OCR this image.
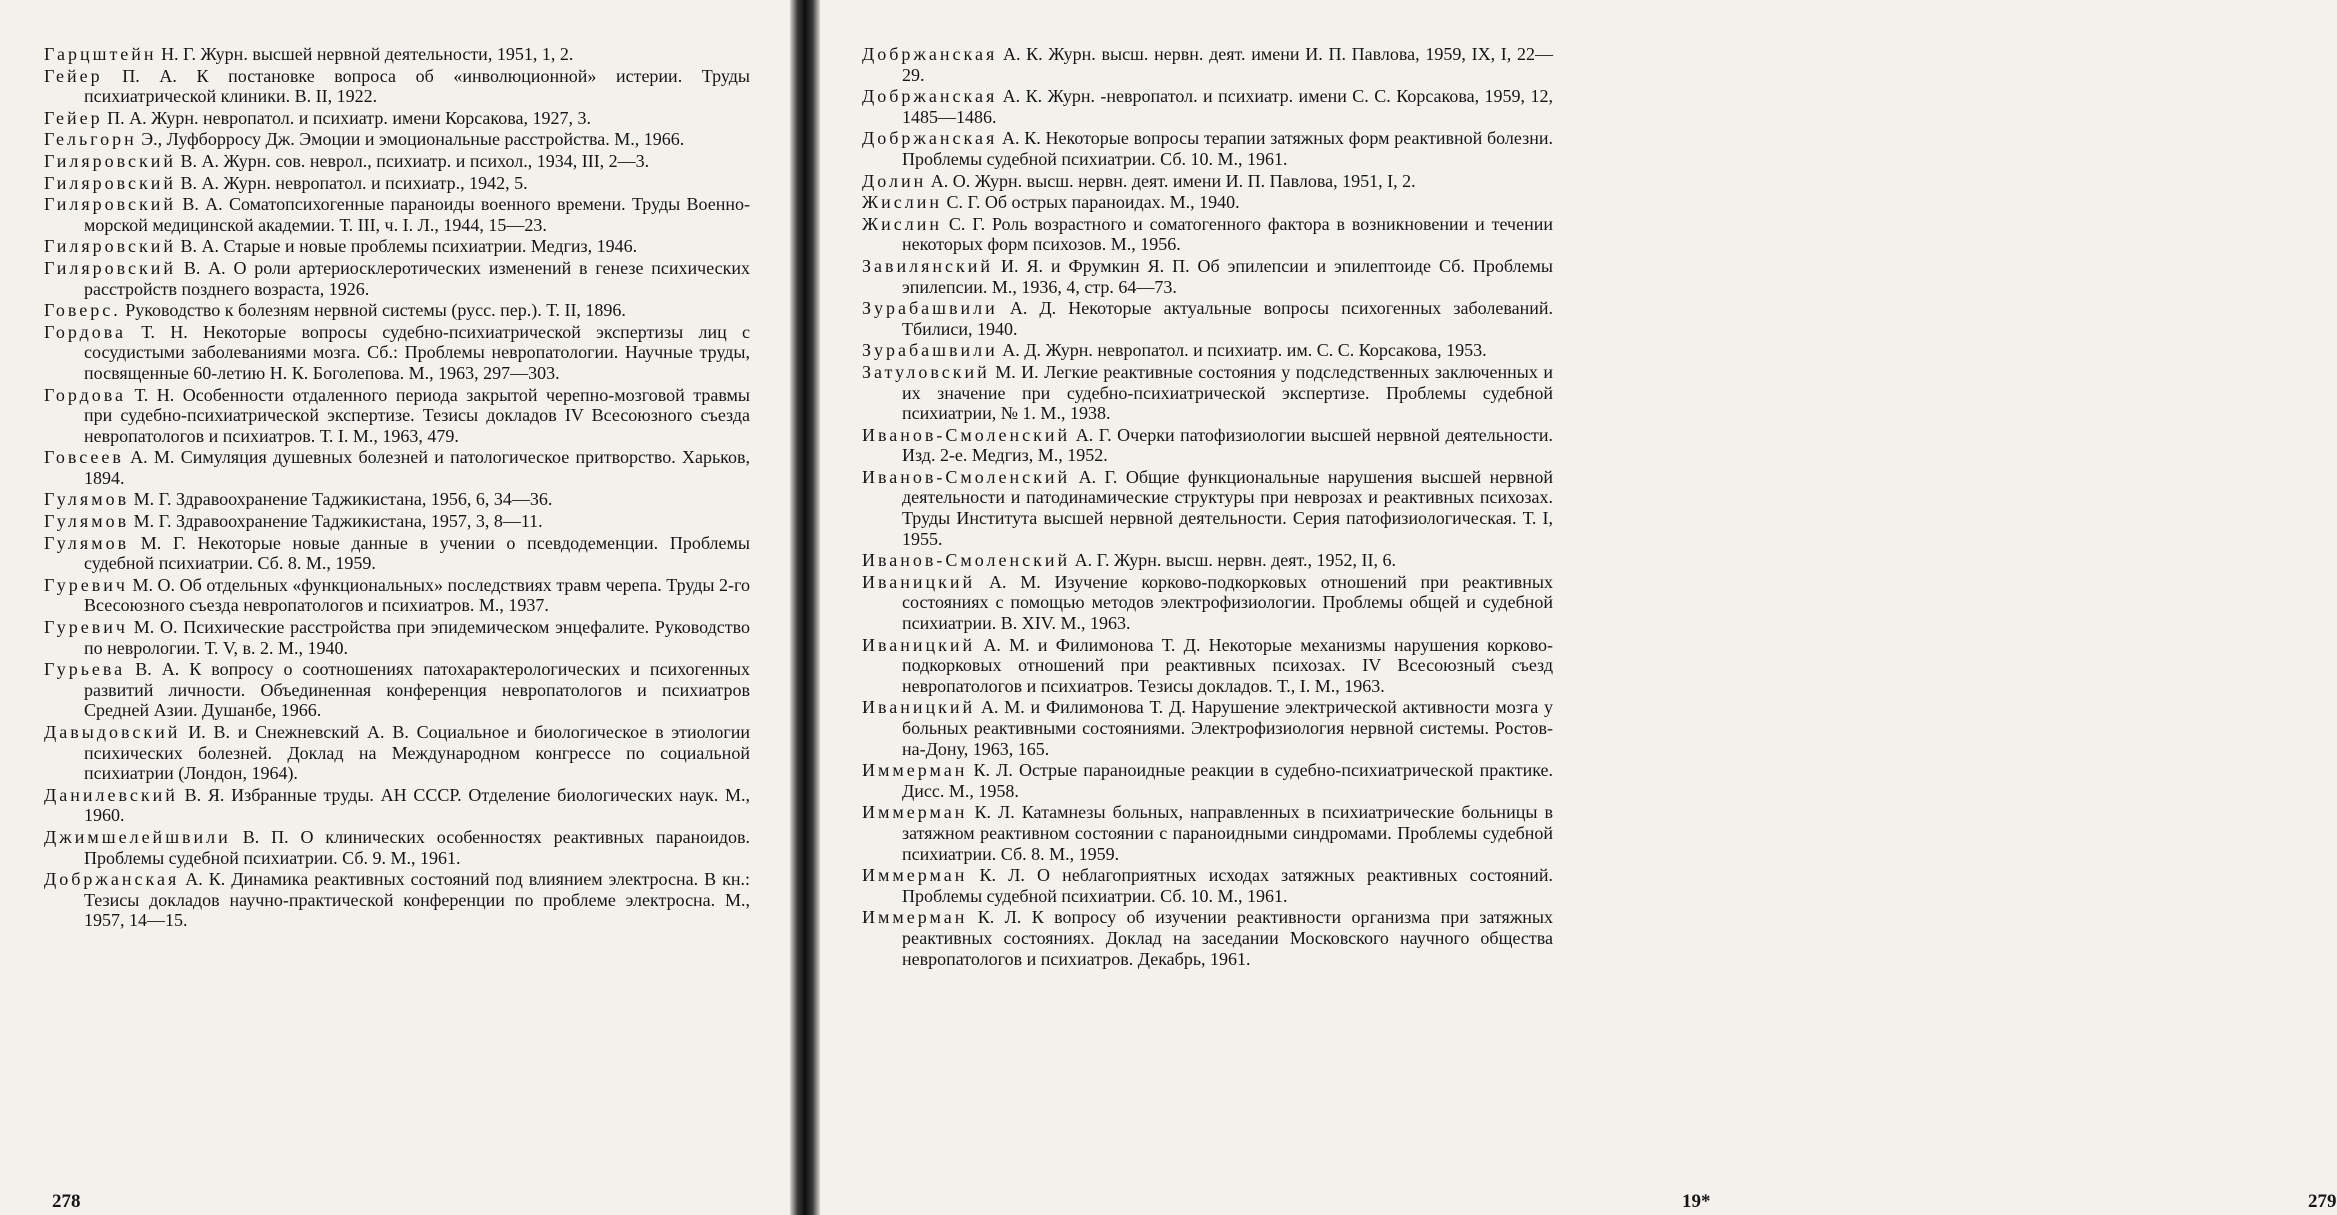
Гарцштейн Н. Г. Журн. высшей нервной деятельности, 1951, 1, 2.

Гейер П. А. К постановке вопроса об «инволюционной» истерии. Труды психиатрической клиники. В. II, 1922.

Гейер П. А. Журн. невропатол. и психиатр. имени Корсакова, 1927, 3.

Гельгорн Э., Луфборросу Дж. Эмоции и эмоциональные расстройства. М., 1966.

Гиляровский В. А. Журн. сов. неврол., психиатр. и психол., 1934, III, 2—3.

Гиляровский В. А. Журн. невропатол. и психиатр., 1942, 5.

Гиляровский В. А. Соматопсихогенные параноиды военного времени. Труды Военно-морской медицинской академии. Т. III, ч. I. Л., 1944, 15—23.

Гиляровский В. А. Старые и новые проблемы психиатрии. Медгиз, 1946.

Гиляровский В. А. О роли артериосклеротических изменений в генезе психических расстройств позднего возраста, 1926.

Говерс. Руководство к болезням нервной системы (русс. пер.). Т. II, 1896.

Гордова Т. Н. Некоторые вопросы судебно-психиатрической экспертизы лиц с сосудистыми заболеваниями мозга. Сб.: Проблемы невропатологии. Научные труды, посвященные 60-летию Н. К. Боголепова. М., 1963, 297—303.

Гордова Т. Н. Особенности отдаленного периода закрытой черепно-мозговой травмы при судебно-психиатрической экспертизе. Тезисы докладов IV Всесоюзного съезда невропатологов и психиатров. Т. I. М., 1963, 479.

Говсеев А. М. Симуляция душевных болезней и патологическое притворство. Харьков, 1894.

Гулямов М. Г. Здравоохранение Таджикистана, 1956, 6, 34—36.

Гулямов М. Г. Здравоохранение Таджикистана, 1957, 3, 8—11.

Гулямов М. Г. Некоторые новые данные в учении о псевдодеменции. Проблемы судебной психиатрии. Сб. 8. М., 1959.

Гуревич М. О. Об отдельных «функциональных» последствиях травм черепа. Труды 2-го Всесоюзного съезда невропатологов и психиатров. М., 1937.

Гуревич М. О. Психические расстройства при эпидемическом энцефалите. Руководство по неврологии. Т. V, в. 2. М., 1940.

Гурьева В. А. К вопросу о соотношениях патохарактерологических и психогенных развитий личности. Объединенная конференция невропатологов и психиатров Средней Азии. Душанбе, 1966.

Давыдовский И. В. и Снежневский А. В. Социальное и биологическое в этиологии психических болезней. Доклад на Международном конгрессе по социальной психиатрии (Лондон, 1964).

Данилевский В. Я. Избранные труды. АН СССР. Отделение биологических наук. М., 1960.

Джимшелейшвили В. П. О клинических особенностях реактивных параноидов. Проблемы судебной психиатрии. Сб. 9. М., 1961.

Добржанская А. К. Динамика реактивных состояний под влиянием электросна. В кн.: Тезисы докладов научно-практической конференции по проблеме электросна. М., 1957, 14—15.

278

Добржанская А. К. Журн. высш. нервн. деят. имени И. П. Павлова, 1959, IX, I, 22—29.

Добржанская А. К. Журн. -невропатол. и психиатр. имени С. С. Корсакова, 1959, 12, 1485—1486.

Добржанская А. К. Некоторые вопросы терапии затяжных форм реактивной болезни. Проблемы судебной психиатрии. Сб. 10. М., 1961.

Долин А. О. Журн. высш. нервн. деят. имени И. П. Павлова, 1951, I, 2.

Жислин С. Г. Об острых параноидах. М., 1940.

Жислин С. Г. Роль возрастного и соматогенного фактора в возникновении и течении некоторых форм психозов. М., 1956.

Завилянский И. Я. и Фрумкин Я. П. Об эпилепсии и эпилептоиде Сб. Проблемы эпилепсии. М., 1936, 4, стр. 64—73.

Зурабашвили А. Д. Некоторые актуальные вопросы психогенных заболеваний. Тбилиси, 1940.

Зурабашвили А. Д. Журн. невропатол. и психиатр. им. С. С. Корсакова, 1953.

Затуловский М. И. Легкие реактивные состояния у подследственных заключенных и их значение при судебно-психиатрической экспертизе. Проблемы судебной психиатрии, № 1. М., 1938.

Иванов-Смоленский А. Г. Очерки патофизиологии высшей нервной деятельности. Изд. 2-е. Медгиз, М., 1952.

Иванов-Смоленский А. Г. Общие функциональные нарушения высшей нервной деятельности и патодинамические структуры при неврозах и реактивных психозах. Труды Института высшей нервной деятельности. Серия патофизиологическая. Т. I, 1955.

Иванов-Смоленский А. Г. Журн. высш. нервн. деят., 1952, II, 6.

Иваницкий А. М. Изучение корково-подкорковых отношений при реактивных состояниях с помощью методов электрофизиологии. Проблемы общей и судебной психиатрии. В. XIV. М., 1963.

Иваницкий А. М. и Филимонова Т. Д. Некоторые механизмы нарушения корково-подкорковых отношений при реактивных психозах. IV Всесоюзный съезд невропатологов и психиатров. Тезисы докладов. Т., I. М., 1963.

Иваницкий А. М. и Филимонова Т. Д. Нарушение электрической активности мозга у больных реактивными состояниями. Электрофизиология нервной системы. Ростов-на-Дону, 1963, 165.

Иммерман К. Л. Острые параноидные реакции в судебно-психиатрической практике. Дисс. М., 1958.

Иммерман К. Л. Катамнезы больных, направленных в психиатрические больницы в затяжном реактивном состоянии с параноидными синдромами. Проблемы судебной психиатрии. Сб. 8. М., 1959.

Иммерман К. Л. О неблагоприятных исходах затяжных реактивных состояний. Проблемы судебной психиатрии. Сб. 10. М., 1961.

Иммерман К. Л. К вопросу об изучении реактивности организма при затяжных реактивных состояниях. Доклад на заседании Московского научного общества невропатологов и психиатров. Декабрь, 1961.

19*	279
